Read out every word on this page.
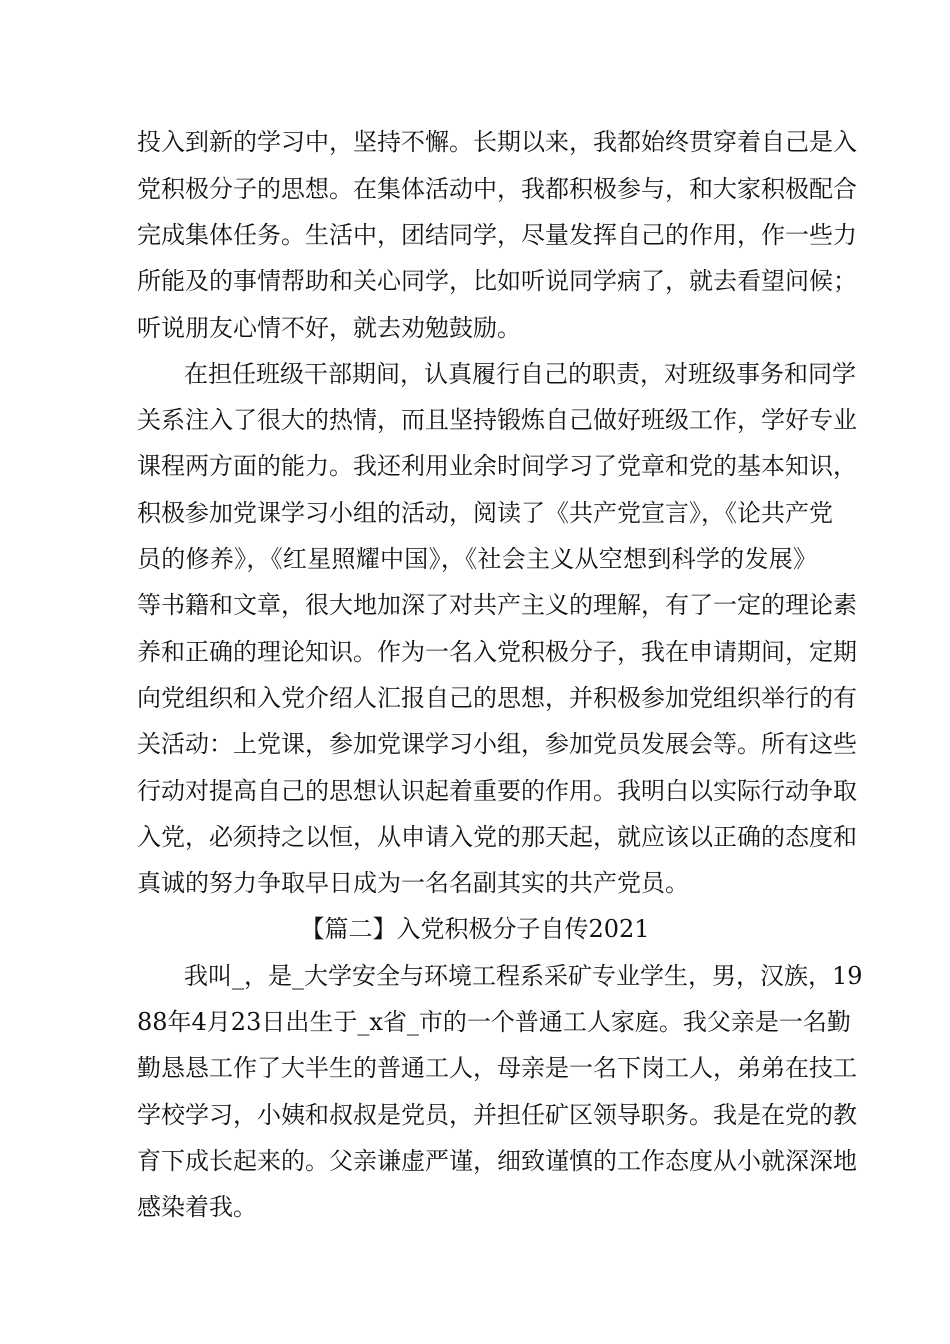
投入到新的学习中，坚持不懈。长期以来，我都始终贯穿着自己是入
党积极分子的思想。在集体活动中，我都积极参与，和大家积极配合
完成集体任务。生活中，团结同学，尽量发挥自己的作用，作一些力
所能及的事情帮助和关心同学，比如听说同学病了，就去看望问候；
听说朋友心情不好，就去劝勉鼓励。
在担任班级干部期间，认真履行自己的职责，对班级事务和同学
关系注入了很大的热情，而且坚持锻炼自己做好班级工作，学好专业
课程两方面的能力。我还利用业余时间学习了党章和党的基本知识，
积极参加党课学习小组的活动，阅读了《共产党宣言》，《论共产党
员的修养》，《红星照耀中国》，《社会主义从空想到科学的发展》
等书籍和文章，很大地加深了对共产主义的理解，有了一定的理论素
养和正确的理论知识。作为一名入党积极分子，我在申请期间，定期
向党组织和入党介绍人汇报自己的思想，并积极参加党组织举行的有
关活动：上党课，参加党课学习小组，参加党员发展会等。所有这些
行动对提高自己的思想认识起着重要的作用。我明白以实际行动争取
入党，必须持之以恒，从申请入党的那天起，就应该以正确的态度和
真诚的努力争取早日成为一名名副其实的共产党员。
【篇二】入党积极分子自传2021
我叫_，是_大学安全与环境工程系采矿专业学生，男，汉族，19
88年4月23日出生于_x省_市的一个普通工人家庭。我父亲是一名勤
勤恳恳工作了大半生的普通工人，母亲是一名下岗工人，弟弟在技工
学校学习，小姨和叔叔是党员，并担任矿区领导职务。我是在党的教
育下成长起来的。父亲谦虚严谨，细致谨慎的工作态度从小就深深地
感染着我。
